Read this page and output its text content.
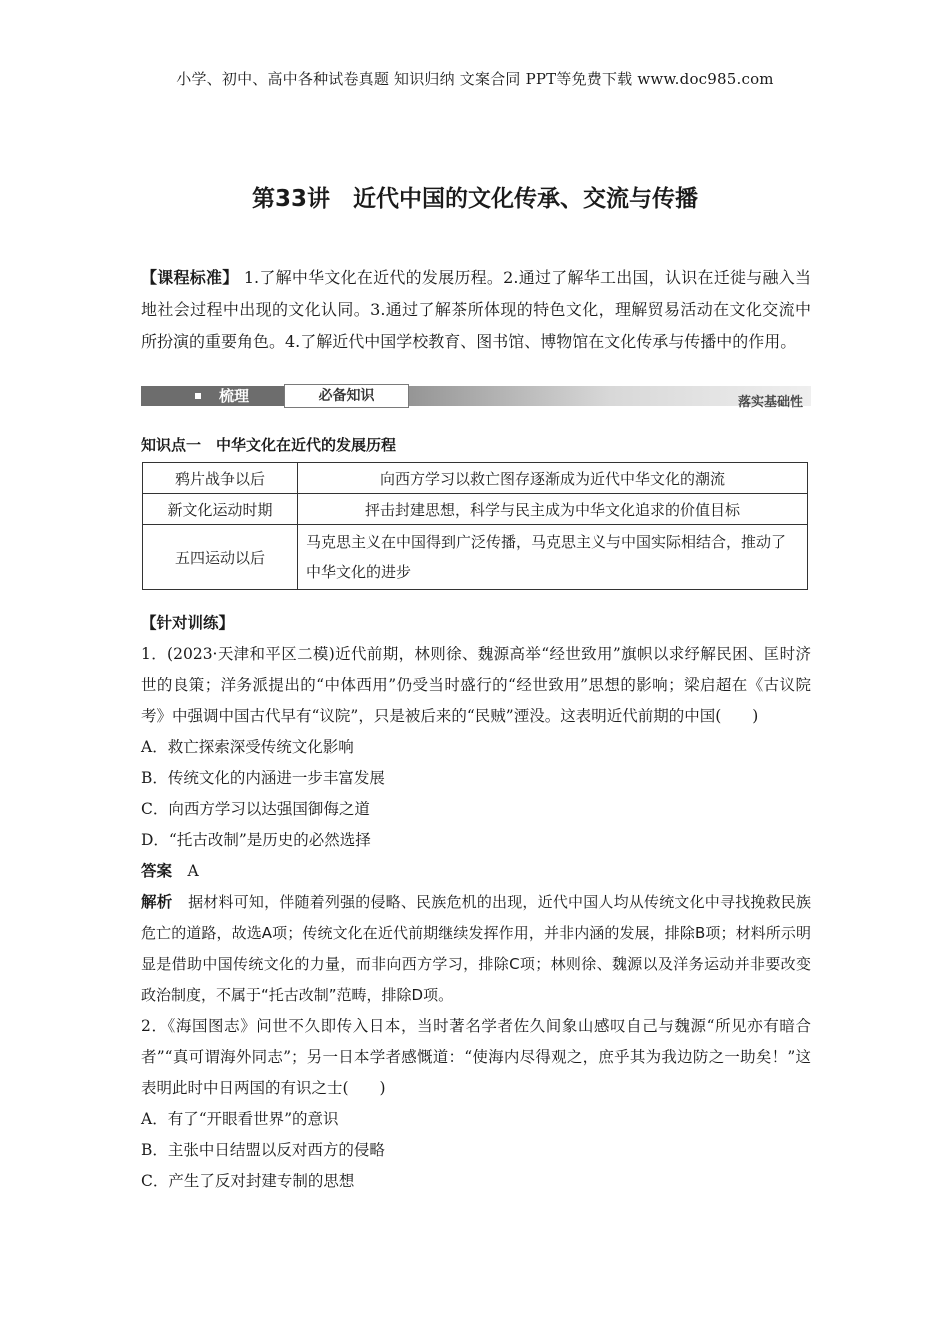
小学、初中、高中各种试卷真题 知识归纳 文案合同 PPT等免费下载 www.doc985.com
第33讲　近代中国的文化传承、交流与传播
【课程标准】 1.了解中华文化在近代的发展历程。2.通过了解华工出国，认识在迁徙与融入当地社会过程中出现的文化认同。3.通过了解茶所体现的特色文化，理解贸易活动在文化交流中所扮演的重要角色。4.了解近代中国学校教育、图书馆、博物馆在文化传承与传播中的作用。
梳理	必备知识	落实基础性
知识点一　中华文化在近代的发展历程
鸦片战争以后	向西方学习以救亡图存逐渐成为近代中华文化的潮流
新文化运动时期	抨击封建思想，科学与民主成为中华文化追求的价值目标
五四运动以后	马克思主义在中国得到广泛传播，马克思主义与中国实际相结合，推动了中华文化的进步

【针对训练】

1．(2023·天津和平区二模)近代前期，林则徐、魏源高举“经世致用”旗帜以求纾解民困、匡时济世的良策；洋务派提出的“中体西用”仍受当时盛行的“经世致用”思想的影响；梁启超在《古议院考》中强调中国古代早有“议院”，只是被后来的“民贼”湮没。这表明近代前期的中国(　　)

A．救亡探索深受传统文化影响

B．传统文化的内涵进一步丰富发展

C．向西方学习以达强国御侮之道

D．“托古改制”是历史的必然选择

答案　 A

解析　 据材料可知，伴随着列强的侵略、民族危机的出现，近代中国人均从传统文化中寻找挽救民族危亡的道路，故选A项；传统文化在近代前期继续发挥作用，并非内涵的发展，排除B项；材料所示明显是借助中国传统文化的力量，而非向西方学习，排除C项；林则徐、魏源以及洋务运动并非要改变政治制度，不属于“托古改制”范畴，排除D项。

2．《海国图志》问世不久即传入日本，当时著名学者佐久间象山感叹自己与魏源“所见亦有暗合者”“真可谓海外同志”；另一日本学者感慨道：“使海内尽得观之，庶乎其为我边防之一助矣！”这表明此时中日两国的有识之士(　　)

A．有了“开眼看世界”的意识

B．主张中日结盟以反对西方的侵略

C．产生了反对封建专制的思想
